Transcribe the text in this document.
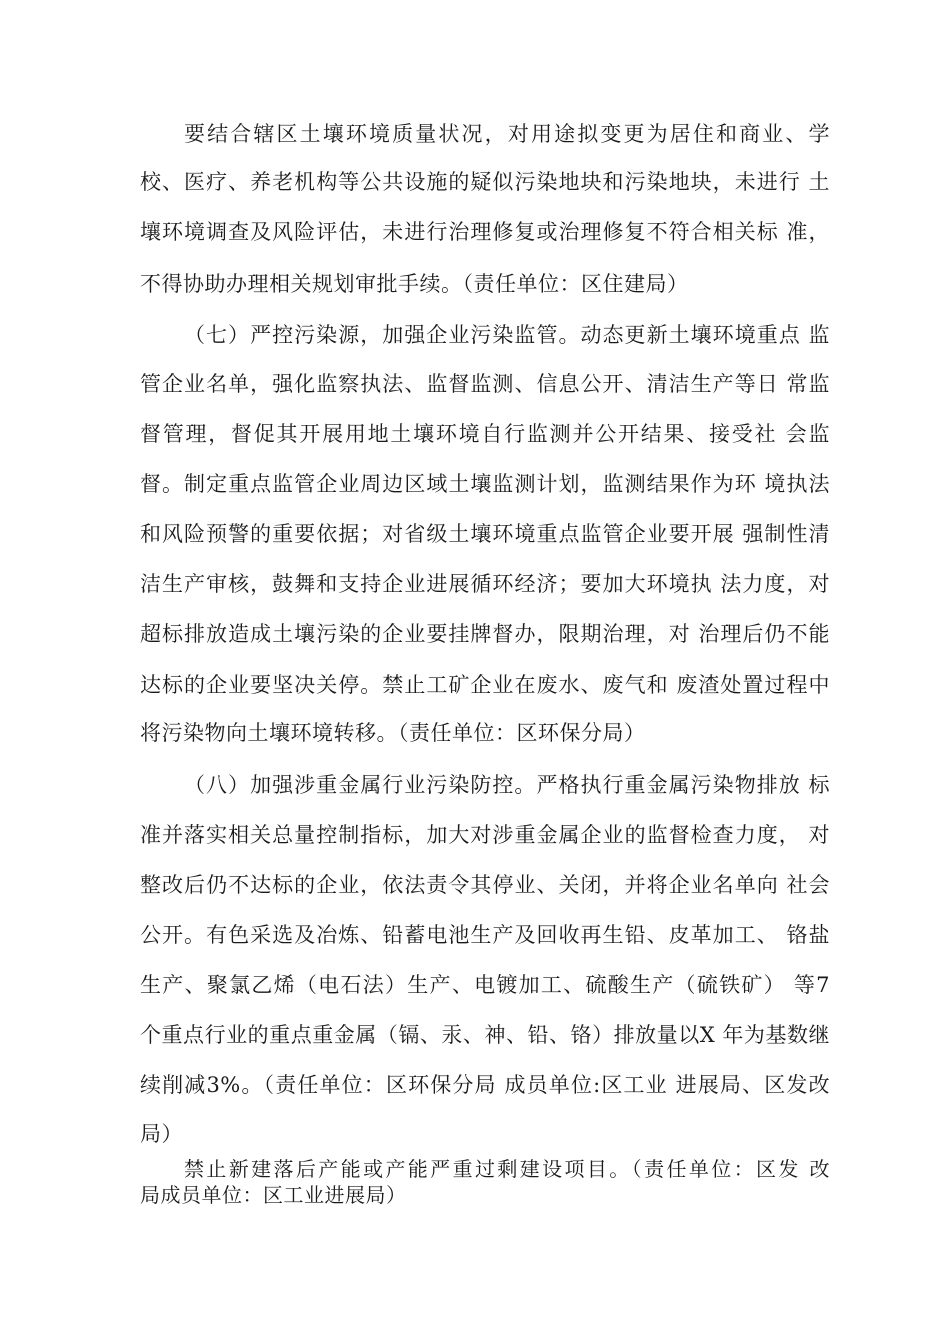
要结合辖区土壤环境质量状况，对用途拟变更为居住和商业、学
校、医疗、养老机构等公共设施的疑似污染地块和污染地块，未进行 土
壤环境调查及风险评估，未进行治理修复或治理修复不符合相关标 准，
不得协助办理相关规划审批手续。（责任单位：区住建局）
（七）严控污染源，加强企业污染监管。动态更新土壤环境重点 监
管企业名单，强化监察执法、监督监测、信息公开、清洁生产等日 常监
督管理，督促其开展用地土壤环境自行监测并公开结果、接受社 会监
督。制定重点监管企业周边区域土壤监测计划，监测结果作为环 境执法
和风险预警的重要依据；对省级土壤环境重点监管企业要开展 强制性清
洁生产审核，鼓舞和支持企业进展循环经济；要加大环境执 法力度，对
超标排放造成土壤污染的企业要挂牌督办，限期治理，对 治理后仍不能
达标的企业要坚决关停。禁止工矿企业在废水、废气和 废渣处置过程中
将污染物向土壤环境转移。（责任单位：区环保分局）
（八）加强涉重金属行业污染防控。严格执行重金属污染物排放 标
准并落实相关总量控制指标，加大对涉重金属企业的监督检查力度， 对
整改后仍不达标的企业，依法责令其停业、关闭，并将企业名单向 社会
公开。有色采选及冶炼、铅蓄电池生产及回收再生铅、皮革加工、 铬盐
生产、聚氯乙烯（电石法）生产、电镀加工、硫酸生产（硫铁矿） 等7
个重点行业的重点重金属（镉、汞、神、铅、铬）排放量以X 年为基数继
续削减3%。（责任单位：区环保分局 成员单位:区工业 进展局、区发改
局）
禁止新建落后产能或产能严重过剩建设项目。（责任单位：区发 改
局成员单位：区工业进展局）
